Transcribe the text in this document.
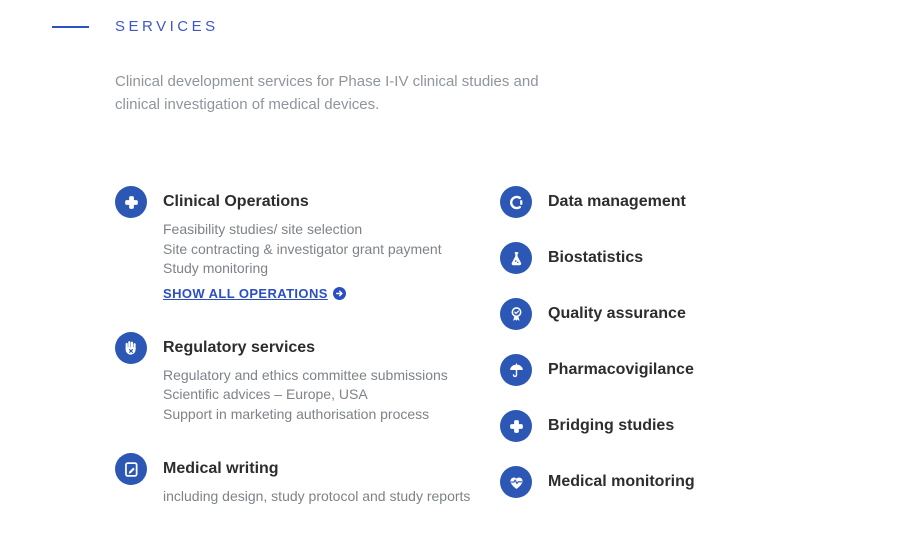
SERVICES

Clinical development services for Phase I-IV clinical studies and clinical investigation of medical devices.

Clinical Operations
Feasibility studies/ site selection
Site contracting & investigator grant payment
Study monitoring
SHOW ALL OPERATIONS
Regulatory services
Regulatory and ethics committee submissions
Scientific advices – Europe, USA
Support in marketing authorisation process
Medical writing
including design, study protocol and study reports
Data management
Biostatistics
Quality assurance
Pharmacovigilance
Bridging studies
Medical monitoring
